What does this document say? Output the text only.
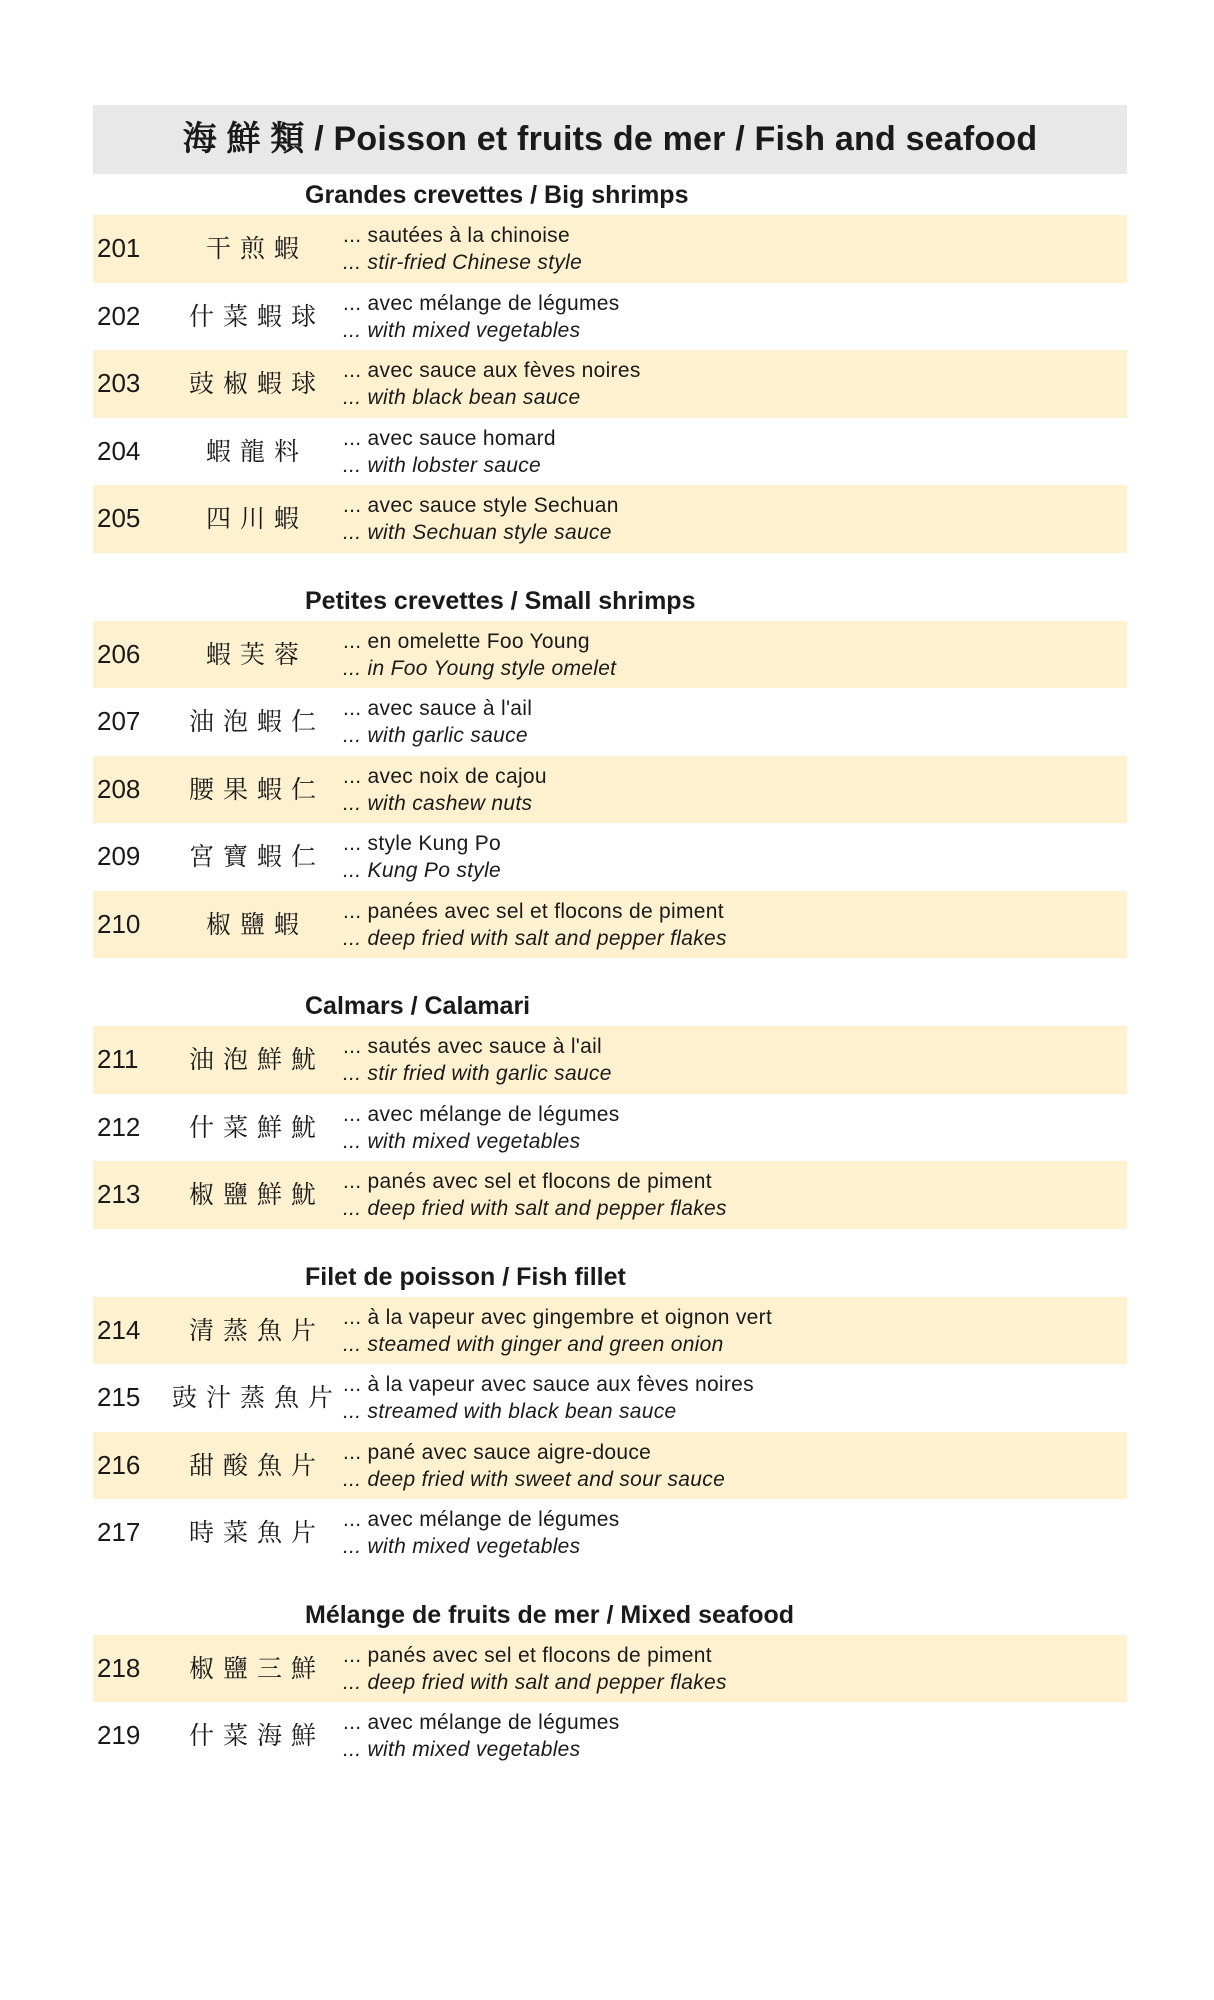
海 鮮 類 / Poisson et fruits de mer / Fish and seafood
Grandes crevettes / Big shrimps
201	干煎蝦	... sautées à la chinoise
... stir-fried Chinese style
202	什菜蝦球 ... avec mélange de légumes
... with mixed vegetables
203	豉椒蝦球 ... avec sauce aux fèves noires
... with black bean sauce
204	蝦龍料	... avec sauce homard
... with lobster sauce
205	四川蝦	... avec sauce style Sechuan
... with Sechuan style sauce
Petites crevettes / Small shrimps
206	蝦芙蓉	... en omelette Foo Young
... in Foo Young style omelet
207	油泡蝦仁 ... avec sauce à l'ail
... with garlic sauce
208	腰果蝦仁 ... avec noix de cajou
... with cashew nuts
209	宮寶蝦仁 ... style Kung Po
... Kung Po style
210	椒鹽蝦	... panées avec sel et flocons de piment
... deep fried with salt and pepper flakes
Calmars / Calamari
211	油泡鮮魷 ... sautés avec sauce à l'ail
... stir fried with garlic sauce
212	什菜鮮魷 ... avec mélange de légumes
... with mixed vegetables
213	椒鹽鮮魷 ... panés avec sel et flocons de piment
... deep fried with salt and pepper flakes
Filet de poisson / Fish fillet
214	清蒸魚片 ... à la vapeur avec gingembre et oignon vert
... steamed with ginger and green onion
215	豉汁蒸魚片 ... à la vapeur avec sauce aux fèves noires
... streamed with black bean sauce
216	甜酸魚片 ... pané avec sauce aigre-douce
... deep fried with sweet and sour sauce
217	時菜魚片 ... avec mélange de légumes
... with mixed vegetables
Mélange de fruits de mer / Mixed seafood
218	椒鹽三鮮 ... panés avec sel et flocons de piment
... deep fried with salt and pepper flakes
219	什菜海鮮 ... avec mélange de légumes
... with mixed vegetables
